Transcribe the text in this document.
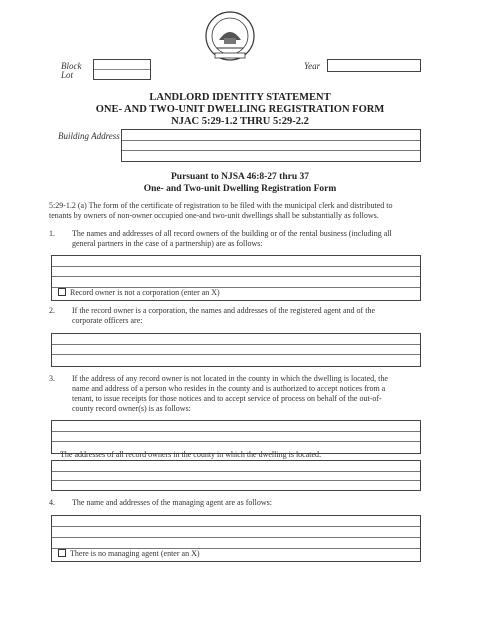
Block
Lot
Year
LANDLORD IDENTITY STATEMENT
ONE- AND TWO-UNIT DWELLING REGISTRATION FORM
NJAC 5:29-1.2 THRU 5:29-2.2
Building Address
Pursuant to NJSA 46:8-27 thru 37
One- and Two-unit Dwelling Registration Form
5:29-1.2 (a) The form of the certificate of registration to be filed with the municipal clerk and distributed to
tenants by owners of non-owner occupied one-and two-unit dwellings shall be substantially as follows.
1. The names and addresses of all record owners of the building or of the rental business (including all
general partners in the case of a partnership) are as follows:
Record owner is not a corporation (enter an X)
2. If the record owner is a corporation, the names and addresses of the registered agent and of the
corporate officers are:
3. If the address of any record owner is not located in the county in which the dwelling is located, the
name and address of a person who resides in the county and is authorized to accept notices from a
tenant, to issue receipts for those notices and to accept service of process on behalf of the out-of-
county record owner(s) is as follows:
The addresses of all record owners in the county in which the dwelling is located:
4. The name and addresses of the managing agent are as follows:
There is no managing agent (enter an X)
